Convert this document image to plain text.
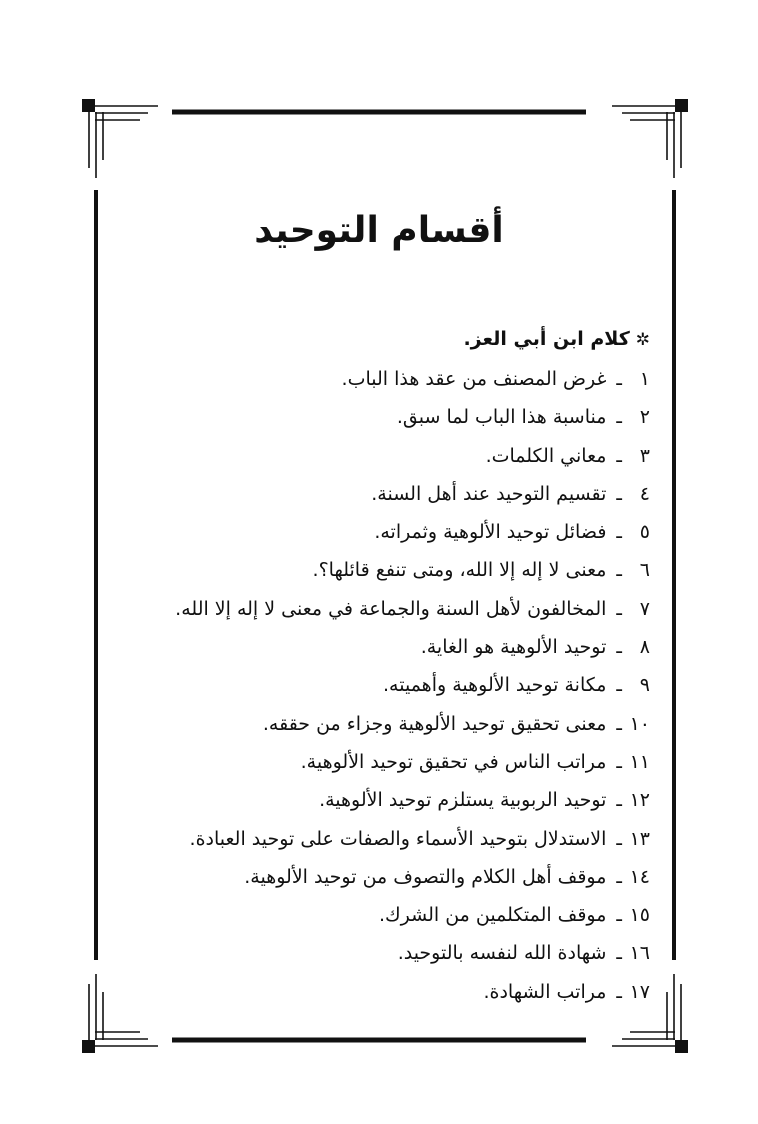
أقسام التوحيد
✲كلام ابن أبي العز.
١ـغرض المصنف من عقد هذا الباب.
٢ـمناسبة هذا الباب لما سبق.
٣ـمعاني الكلمات.
٤ـتقسيم التوحيد عند أهل السنة.
٥ـفضائل توحيد الألوهية وثمراته.
٦ـمعنى لا إله إلا الله، ومتى تنفع قائلها؟.
٧ـالمخالفون لأهل السنة والجماعة في معنى لا إله إلا الله.
٨ـتوحيد الألوهية هو الغاية.
٩ـمكانة توحيد الألوهية وأهميته.
١٠ـمعنى تحقيق توحيد الألوهية وجزاء من حققه.
١١ـمراتب الناس في تحقيق توحيد الألوهية.
١٢ـتوحيد الربوبية يستلزم توحيد الألوهية.
١٣ـالاستدلال بتوحيد الأسماء والصفات على توحيد العبادة.
١٤ـموقف أهل الكلام والتصوف من توحيد الألوهية.
١٥ـموقف المتكلمين من الشرك.
١٦ـشهادة الله لنفسه بالتوحيد.
١٧ـمراتب الشهادة.
